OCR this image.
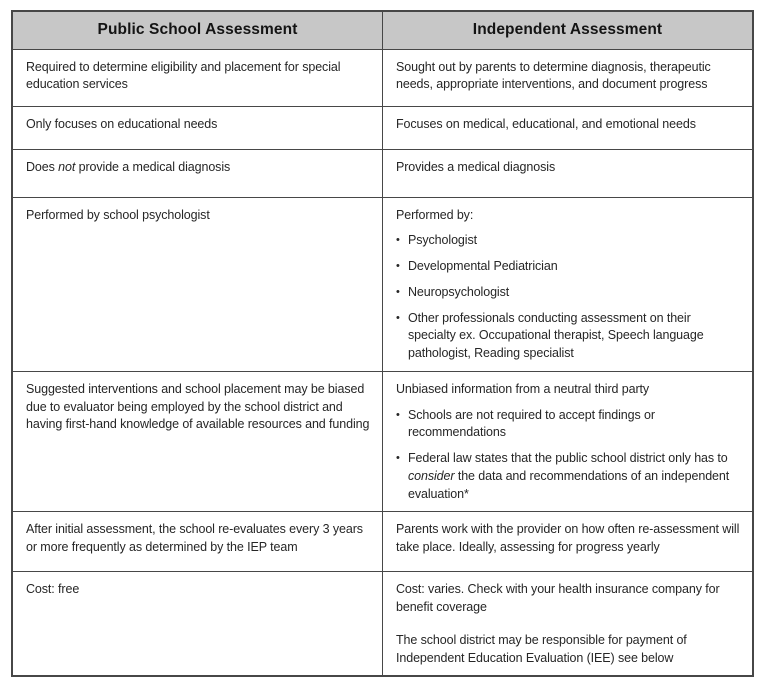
Public School Assessment	Independent Assessment

Required to determine eligibility and placement for special education services	Sought out by parents to determine diagnosis, therapeutic needs, appropriate interventions, and document progress

Only focuses on educational needs	Focuses on medical, educational, and emotional needs

Does not provide a medical diagnosis	Provides a medical diagnosis

Performed by school psychologist	Performed by:
• Psychologist
• Developmental Pediatrician
• Neuropsychologist
• Other professionals conducting assessment on their specialty ex. Occupational therapist, Speech language pathologist, Reading specialist

Suggested interventions and school placement may be biased due to evaluator being employed by the school district and having first-hand knowledge of available resources and funding	Unbiased information from a neutral third party
• Schools are not required to accept findings or recommendations
• Federal law states that the public school district only has to consider the data and recommendations of an independent evaluation*

After initial assessment, the school re-evaluates every 3 years or more frequently as determined by the IEP team	Parents work with the provider on how often re-assessment will take place. Ideally, assessing for progress yearly

Cost: free	Cost: varies. Check with your health insurance company for benefit coverage
The school district may be responsible for payment of Independent Education Evaluation (IEE) see below
